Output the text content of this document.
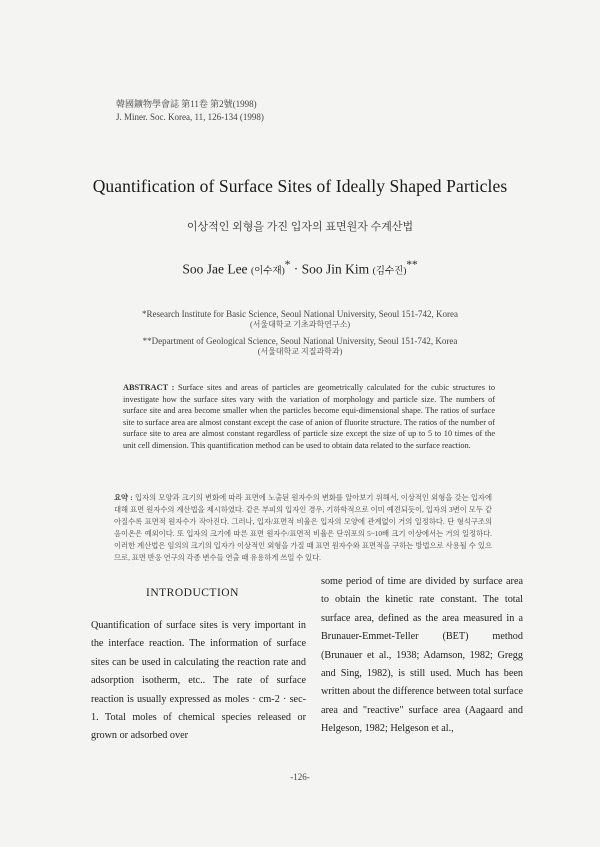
韓國鑛物學會誌 第11卷 第2號(1998)
J. Miner. Soc. Korea, 11, 126-134 (1998)
Quantification of Surface Sites of Ideally Shaped Particles
이상적인 외형을 가진 입자의 표면원자 수계산법
Soo Jae Lee (이수재)* · Soo Jin Kim (김수진)**
*Research Institute for Basic Science, Seoul National University, Seoul 151-742, Korea
(서울대학교 기초과학연구소)
**Department of Geological Science, Seoul National University, Seoul 151-742, Korea
(서울대학교 지질과학과)
ABSTRACT : Surface sites and areas of particles are geometrically calculated for the cubic structures to investigate how the surface sites vary with the variation of morphology and particle size. The numbers of surface site and area become smaller when the particles become equi-dimensional shape. The ratios of surface site to surface area are almost constant except the case of anion of fluorite structure. The ratios of the number of surface site to area are almost constant regardless of particle size except the size of up to 5 to 10 times of the unit cell dimension. This quantification method can be used to obtain data related to the surface reaction.
요약 : 입자의 모양과 크기의 변화에 따라 표면에 노출된 원자수의 변화를 알아보기 위해서, 이상적인 외형을 갖는 입자에 대해 표면 원자수의 계산법을 제시하였다. 같은 부피의 입자인 경우, 기하학적으로 이미 예견되듯이, 입자의 3변이 모두 같아질수록 표면적 원자수가 작아진다. 그러나, 입자/표면적 비율은 입자의 모양에 관계없이 거의 일정하다. 단 형석구조의 음이온은 예외이다. 또 입자의 크기에 따른 표면 원자수/표면적 비율은 단위포의 5~10배 크기 이상에서는 거의 일정하다. 이러한 계산법은 임의의 크기의 입자가 이상적인 외형을 가질 때 표면 원자수와 표면적을 구하는 방법으로 사용될 수 있으므로, 표면 반응 연구의 각종 변수들 연출 때 유용하게 쓰일 수 있다.
INTRODUCTION
Quantification of surface sites is very important in the interface reaction. The information of surface sites can be used in calculating the reaction rate and adsorption isotherm, etc.. The rate of surface reaction is usually expressed as moles · cm-2 · sec-1. Total moles of chemical species released or grown or adsorbed over
some period of time are divided by surface area to obtain the kinetic rate constant. The total surface area, defined as the area measured in a Brunauer-Emmet-Teller (BET) method (Brunauer et al., 1938; Adamson, 1982; Gregg and Sing, 1982), is still used. Much has been written about the difference between total surface area and "reactive" surface area (Aagaard and Helgeson, 1982; Helgeson et al.,
-126-
